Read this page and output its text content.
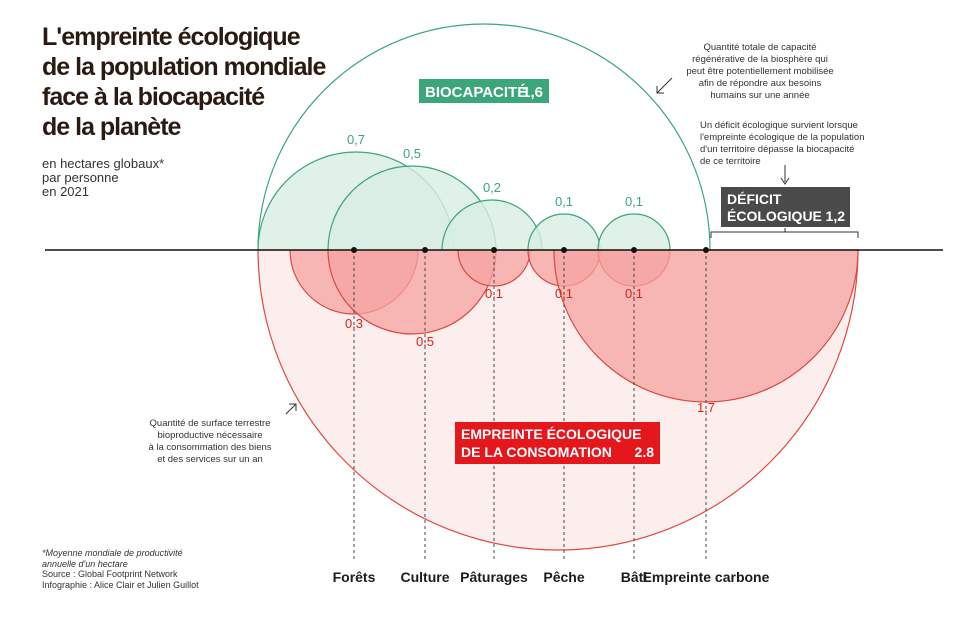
0,7
0,5
0,2
0,1	0,1
0,3
0,5
0,1	0,1	0,1
1,7
Forêts Culture Pâturages Pêche	Bâti
Empreinte carbone
BIOCAPACITÉ
1,6
DÉFICIT
ÉCOLOGIQUE 1,2
EMPREINTE ÉCOLOGIQUE
DE LA CONSOMATION 2.8
L'empreinte écologique
de la population mondiale
face à la biocapacité
de la planète
en hectares globaux*
par personne
en 2021
Quantité totale de capacité
régénérative de la biosphère qui
peut être potentiellement mobilisée
afin de répondre aux besoins
humains sur une année
Un déficit écologique survient lorsque
l'empreinte écologique de la population
d'un territoire dépasse la biocapacité
de ce territoire
Quantité de surface terrestre
bioproductive nécessaire
à la consommation des biens
et des services sur un an
*Moyenne mondiale de productivité
annuelle d'un hectare
Source : Global Footprint Network
Infographie : Alice Clair et Julien Guillot
